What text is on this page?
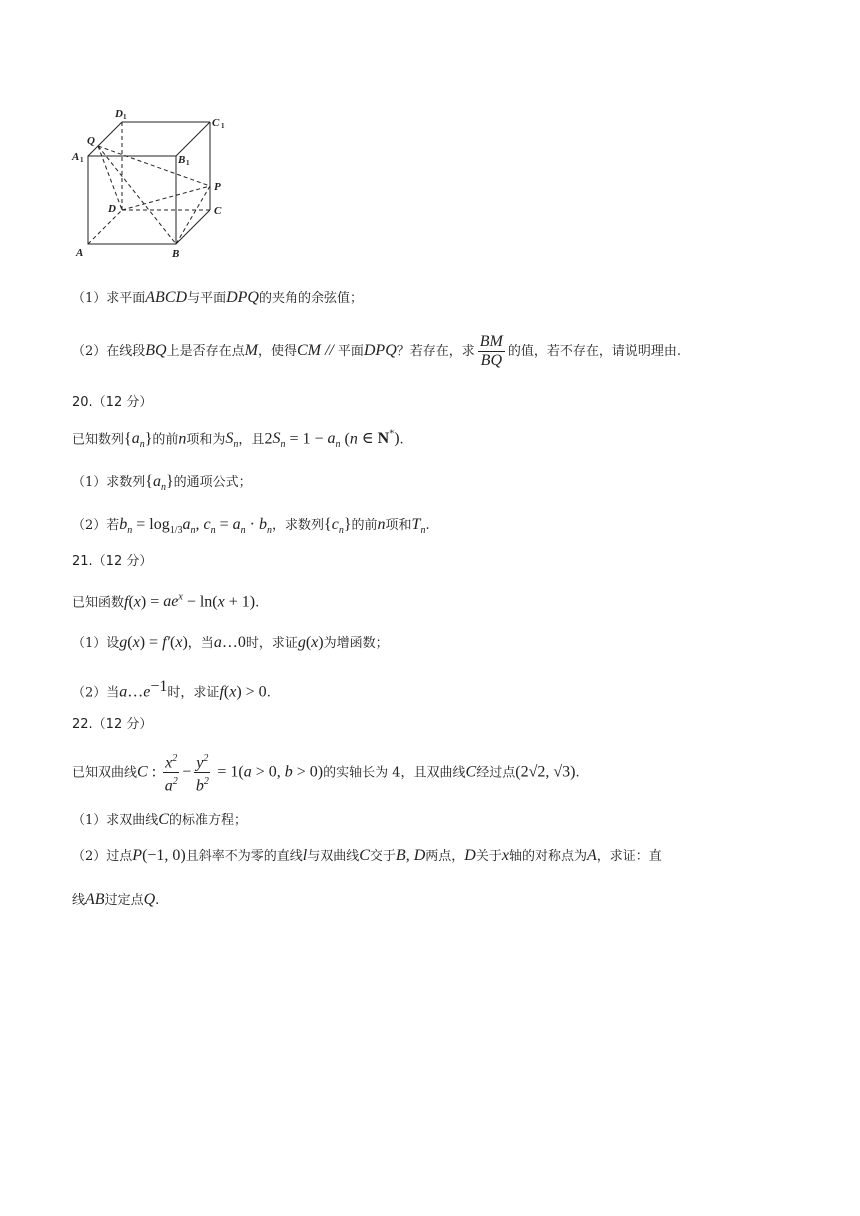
D 1	C 1
Q
A 1	B 1
P
D	C
A	B
（1）求平面ABCD与平面DPQ的夹角的余弦值；
（2）在线段BQ上是否存在点M，使得CM // 平面DPQ？若存在，求 $\frac{BM}{BQ}$ 的值，若不存在，请说明理由.
20.（12 分）
已知数列$\{a_n\}$的前n项和为$S_n$，且$2S_n = 1 - a_n$ (n ∈ N*).
（1）求数列$\{a_n\}$的通项公式；
（2）若$b_n = \log_{1/3}a_n$, $c_n = a_n \cdot b_n$，求数列$\{c_n\}$的前n项和$T_n$.
21.（12 分）
已知函数$f(x) = ae^x - \ln(x + 1)$.
（1）设g(x) = f′(x)，当a…0时，求证g(x)为增函数；
（2）当$a\dots e^{-1}$时，求证f(x) > 0.
22.（12 分）
已知双曲线C : $\frac{x^2}{a^2} - \frac{y^2}{b^2} = 1(a > 0$, b > 0)的实轴长为 4，且双曲线C经过点(2√2, √3).
（1）求双曲线C的标准方程；
（2）过点P(−1, 0)且斜率不为零的直线l与双曲线C交于B, D两点，D关于x轴的对称点为A，求证：直
线AB过定点Q.
